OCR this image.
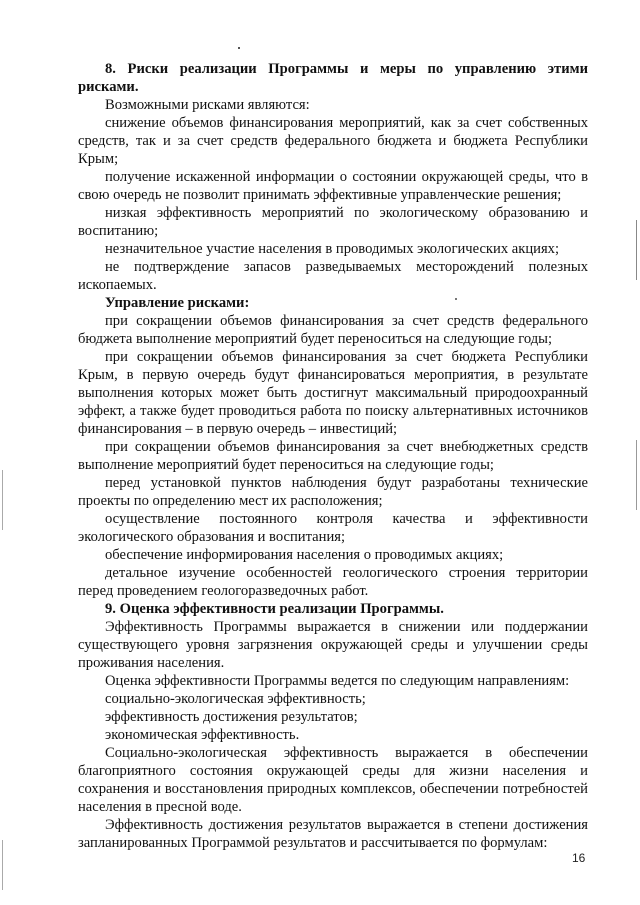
8. Риски реализации Программы и меры по управлению этими рисками.

Возможными рисками являются:

снижение объемов финансирования мероприятий, как за счет собственных средств, так и за счет средств федерального бюджета и бюджета Республики Крым;

получение искаженной информации о состоянии окружающей среды, что в свою очередь не позволит принимать эффективные управленческие решения;

низкая эффективность мероприятий по экологическому образованию и воспитанию;

незначительное участие населения в проводимых экологических акциях;

не подтверждение запасов разведываемых месторождений полезных ископаемых.

Управление рисками:

при сокращении объемов финансирования за счет средств федерального бюджета выполнение мероприятий будет переноситься на следующие годы;

при сокращении объемов финансирования за счет бюджета Республики Крым, в первую очередь будут финансироваться мероприятия, в результате выполнения которых может быть достигнут максимальный природоохранный эффект, а также будет проводиться работа по поиску альтернативных источников финансирования – в первую очередь – инвестиций;

при сокращении объемов финансирования за счет внебюджетных средств выполнение мероприятий будет переноситься на следующие годы;

перед установкой пунктов наблюдения будут разработаны технические проекты по определению мест их расположения;

осуществление постоянного контроля качества и эффективности экологического образования и воспитания;

обеспечение информирования населения о проводимых акциях;

детальное изучение особенностей геологического строения территории перед проведением геологоразведочных работ.

9. Оценка эффективности реализации Программы.

Эффективность Программы выражается в снижении или поддержании существующего уровня загрязнения окружающей среды и улучшении среды проживания населения.

Оценка эффективности Программы ведется по следующим направлениям:

социально-экологическая эффективность;

эффективность достижения результатов;

экономическая эффективность.

Социально-экологическая эффективность выражается в обеспечении благоприятного состояния окружающей среды для жизни населения и сохранения и восстановления природных комплексов, обеспечении потребностей населения в пресной воде.

Эффективность достижения результатов выражается в степени достижения запланированных Программой результатов и рассчитывается по формулам:

16
